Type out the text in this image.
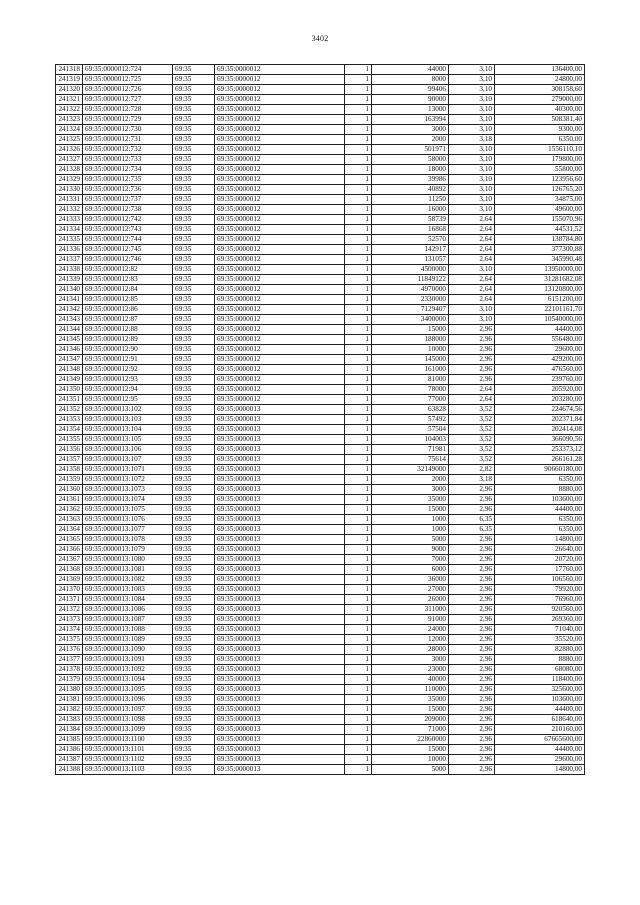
3402
241318	69:35:0000012:724	69:35	69:35:0000012	1	44000	3,10	136400,00
241319	69:35:0000012:725	69:35	69:35:0000012	1	8000	3,10	24800,00
241320	69:35:0000012:726	69:35	69:35:0000012	1	99406	3,10	308158,60
241321	69:35:0000012:727	69:35	69:35:0000012	1	90000	3,10	279000,00
241322	69:35:0000012:728	69:35	69:35:0000012	1	13000	3,10	40300,00
241323	69:35:0000012:729	69:35	69:35:0000012	1	163994	3,10	508381,40
241324	69:35:0000012:730	69:35	69:35:0000012	1	3000	3,10	9300,00
241325	69:35:0000012:731	69:35	69:35:0000012	1	2000	3,18	6350,00
241326	69:35:0000012:732	69:35	69:35:0000012	1	501971	3,10	1556110,10
241327	69:35:0000012:733	69:35	69:35:0000012	1	58000	3,10	179800,00
241328	69:35:0000012:734	69:35	69:35:0000012	1	18000	3,10	55800,00
241329	69:35:0000012:735	69:35	69:35:0000012	1	39986	3,10	123956,60
241330	69:35:0000012:736	69:35	69:35:0000012	1	40892	3,10	126765,20
241331	69:35:0000012:737	69:35	69:35:0000012	1	11250	3,10	34875,00
241332	69:35:0000012:738	69:35	69:35:0000012	1	16000	3,10	49600,00
241333	69:35:0000012:742	69:35	69:35:0000012	1	58739	2,64	155070,96
241334	69:35:0000012:743	69:35	69:35:0000012	1	16868	2,64	44531,52
241335	69:35:0000012:744	69:35	69:35:0000012	1	52570	2,64	138784,80
241336	69:35:0000012:745	69:35	69:35:0000012	1	142917	2,64	377300,88
241337	69:35:0000012:746	69:35	69:35:0000012	1	131057	2,64	345990,48
241338	69:35:0000012:82	69:35	69:35:0000012	1	4500000	3,10	13950000,00
241339	69:35:0000012:83	69:35	69:35:0000012	1	11849122	2,64	31281682,08
241340	69:35:0000012:84	69:35	69:35:0000012	1	4970000	2,64	13120800,00
241341	69:35:0000012:85	69:35	69:35:0000012	1	2330000	2,64	6151200,00
241342	69:35:0000012:86	69:35	69:35:0000012	1	7129407	3,10	22101161,70
241343	69:35:0000012:87	69:35	69:35:0000012	1	3400000	3,10	10540000,00
241344	69:35:0000012:88	69:35	69:35:0000012	1	15000	2,96	44400,00
241345	69:35:0000012:89	69:35	69:35:0000012	1	188000	2,96	556480,00
241346	69:35:0000012:90	69:35	69:35:0000012	1	10000	2,96	29600,00
241347	69:35:0000012:91	69:35	69:35:0000012	1	145000	2,96	429200,00
241348	69:35:0000012:92	69:35	69:35:0000012	1	161000	2,96	476560,00
241349	69:35:0000012:93	69:35	69:35:0000012	1	81000	2,96	239760,00
241350	69:35:0000012:94	69:35	69:35:0000012	1	78000	2,64	205920,00
241351	69:35:0000012:95	69:35	69:35:0000012	1	77000	2,64	203280,00
241352	69:35:0000013:102	69:35	69:35:0000013	1	63828	3,52	224674,56
241353	69:35:0000013:103	69:35	69:35:0000013	1	57492	3,52	202371,84
241354	69:35:0000013:104	69:35	69:35:0000013	1	57504	3,52	202414,08
241355	69:35:0000013:105	69:35	69:35:0000013	1	104003	3,52	366090,56
241356	69:35:0000013:106	69:35	69:35:0000013	1	71981	3,52	253373,12
241357	69:35:0000013:107	69:35	69:35:0000013	1	75614	3,52	266161,28
241358	69:35:0000013:1071	69:35	69:35:0000013	1	32149000	2,82	90660180,00
241359	69:35:0000013:1072	69:35	69:35:0000013	1	2000	3,18	6350,00
241360	69:35:0000013:1073	69:35	69:35:0000013	1	3000	2,96	8880,00
241361	69:35:0000013:1074	69:35	69:35:0000013	1	35000	2,96	103600,00
241362	69:35:0000013:1075	69:35	69:35:0000013	1	15000	2,96	44400,00
241363	69:35:0000013:1076	69:35	69:35:0000013	1	1000	6,35	6350,00
241364	69:35:0000013:1077	69:35	69:35:0000013	1	1000	6,35	6350,00
241365	69:35:0000013:1078	69:35	69:35:0000013	1	5000	2,96	14800,00
241366	69:35:0000013:1079	69:35	69:35:0000013	1	9000	2,96	26640,00
241367	69:35:0000013:1080	69:35	69:35:0000013	1	7000	2,96	20720,00
241368	69:35:0000013:1081	69:35	69:35:0000013	1	6000	2,96	17760,00
241369	69:35:0000013:1082	69:35	69:35:0000013	1	36000	2,96	106560,00
241370	69:35:0000013:1083	69:35	69:35:0000013	1	27000	2,96	79920,00
241371	69:35:0000013:1084	69:35	69:35:0000013	1	26000	2,96	76960,00
241372	69:35:0000013:1086	69:35	69:35:0000013	1	311000	2,96	920560,00
241373	69:35:0000013:1087	69:35	69:35:0000013	1	91000	2,96	269360,00
241374	69:35:0000013:1088	69:35	69:35:0000013	1	24000	2,96	71040,00
241375	69:35:0000013:1089	69:35	69:35:0000013	1	12000	2,96	35520,00
241376	69:35:0000013:1090	69:35	69:35:0000013	1	28000	2,96	82880,00
241377	69:35:0000013:1091	69:35	69:35:0000013	1	3000	2,96	8880,00
241378	69:35:0000013:1092	69:35	69:35:0000013	1	23000	2,96	68080,00
241379	69:35:0000013:1094	69:35	69:35:0000013	1	40000	2,96	118400,00
241380	69:35:0000013:1095	69:35	69:35:0000013	1	110000	2,96	325600,00
241381	69:35:0000013:1096	69:35	69:35:0000013	1	35000	2,96	103600,00
241382	69:35:0000013:1097	69:35	69:35:0000013	1	15000	2,96	44400,00
241383	69:35:0000013:1098	69:35	69:35:0000013	1	209000	2,96	618640,00
241384	69:35:0000013:1099	69:35	69:35:0000013	1	71000	2,96	210160,00
241385	69:35:0000013:1100	69:35	69:35:0000013	1	22860000	2,96	67665600,00
241386	69:35:0000013:1101	69:35	69:35:0000013	1	15000	2,96	44400,00
241387	69:35:0000013:1102	69:35	69:35:0000013	1	10000	2,96	29600,00
241388	69:35:0000013:1103	69:35	69:35:0000013	1	5000	2,96	14800,00
